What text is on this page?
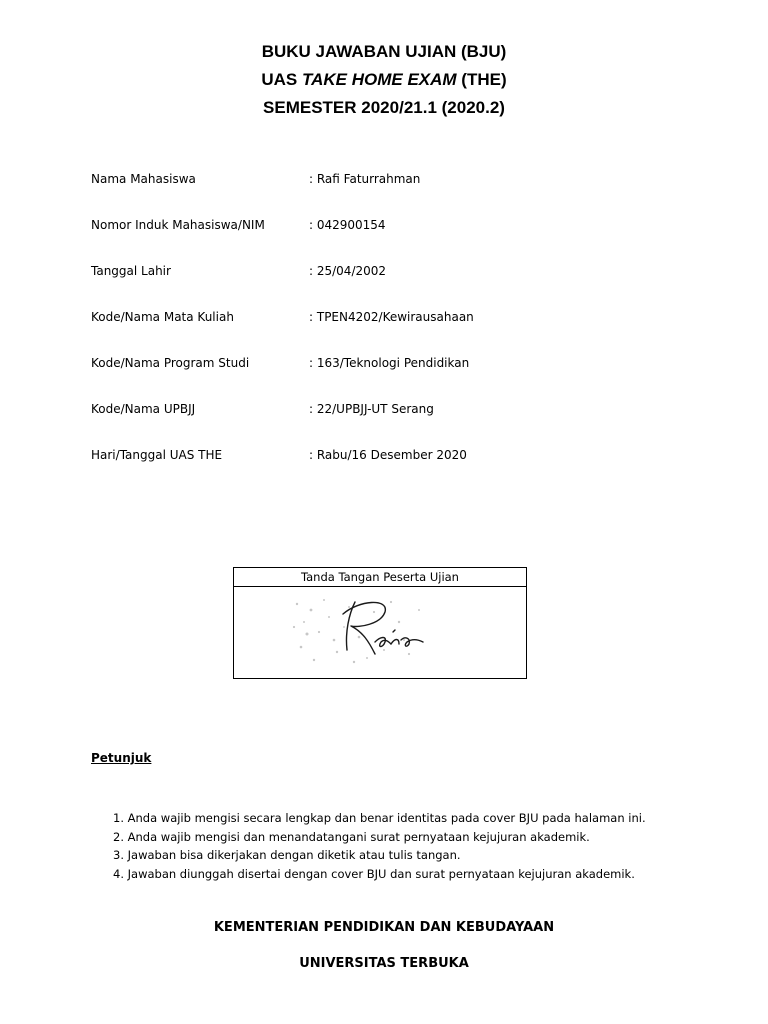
BUKU JAWABAN UJIAN (BJU)
UAS TAKE HOME EXAM (THE)
SEMESTER 2020/21.1 (2020.2)
Nama Mahasiswa	: Rafi Faturrahman
Nomor Induk Mahasiswa/NIM	: 042900154
Tanggal Lahir	: 25/04/2002
Kode/Nama Mata Kuliah	: TPEN4202/Kewirausahaan
Kode/Nama Program Studi	: 163/Teknologi Pendidikan
Kode/Nama UPBJJ	: 22/UPBJJ-UT Serang
Hari/Tanggal UAS THE	: Rabu/16 Desember 2020
Tanda Tangan Peserta Ujian
Petunjuk
1. Anda wajib mengisi secara lengkap dan benar identitas pada cover BJU pada halaman ini.
2. Anda wajib mengisi dan menandatangani surat pernyataan kejujuran akademik.
3. Jawaban bisa dikerjakan dengan diketik atau tulis tangan.
4. Jawaban diunggah disertai dengan cover BJU dan surat pernyataan kejujuran akademik.
KEMENTERIAN PENDIDIKAN DAN KEBUDAYAAN
UNIVERSITAS TERBUKA
